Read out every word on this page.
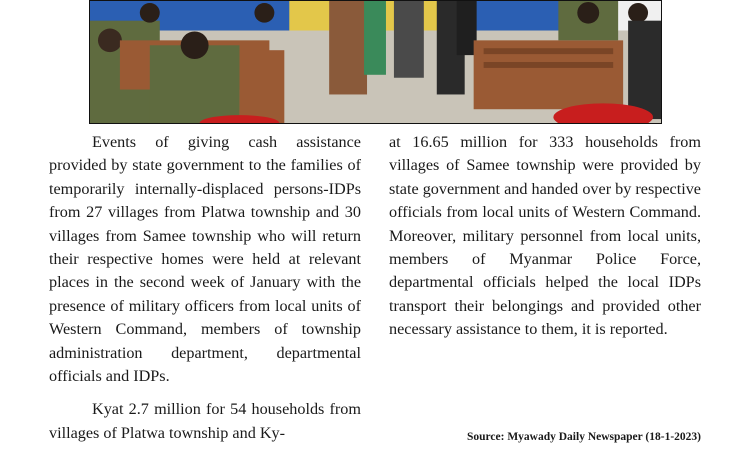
Events of giving cash assistance provided by state government to the families of temporarily internally-displaced persons-IDPs from 27 villages from Platwa township and 30 villages from Samee township who will return their respective homes were held at relevant places in the second week of January with the presence of military officers from local units of Western Command, members of township administration department, departmental officials and IDPs.

Kyat 2.7 million for 54 households from villages of Platwa township and Ky-

at 16.65 million for 333 households from villages of Samee township were provided by state government and handed over by respective officials from local units of Western Command. Moreover, military personnel from local units, members of Myanmar Police Force, departmental officials helped the local IDPs transport their belongings and provided other necessary assistance to them, it is reported.

Source: Myawady Daily Newspaper (18-1-2023)
